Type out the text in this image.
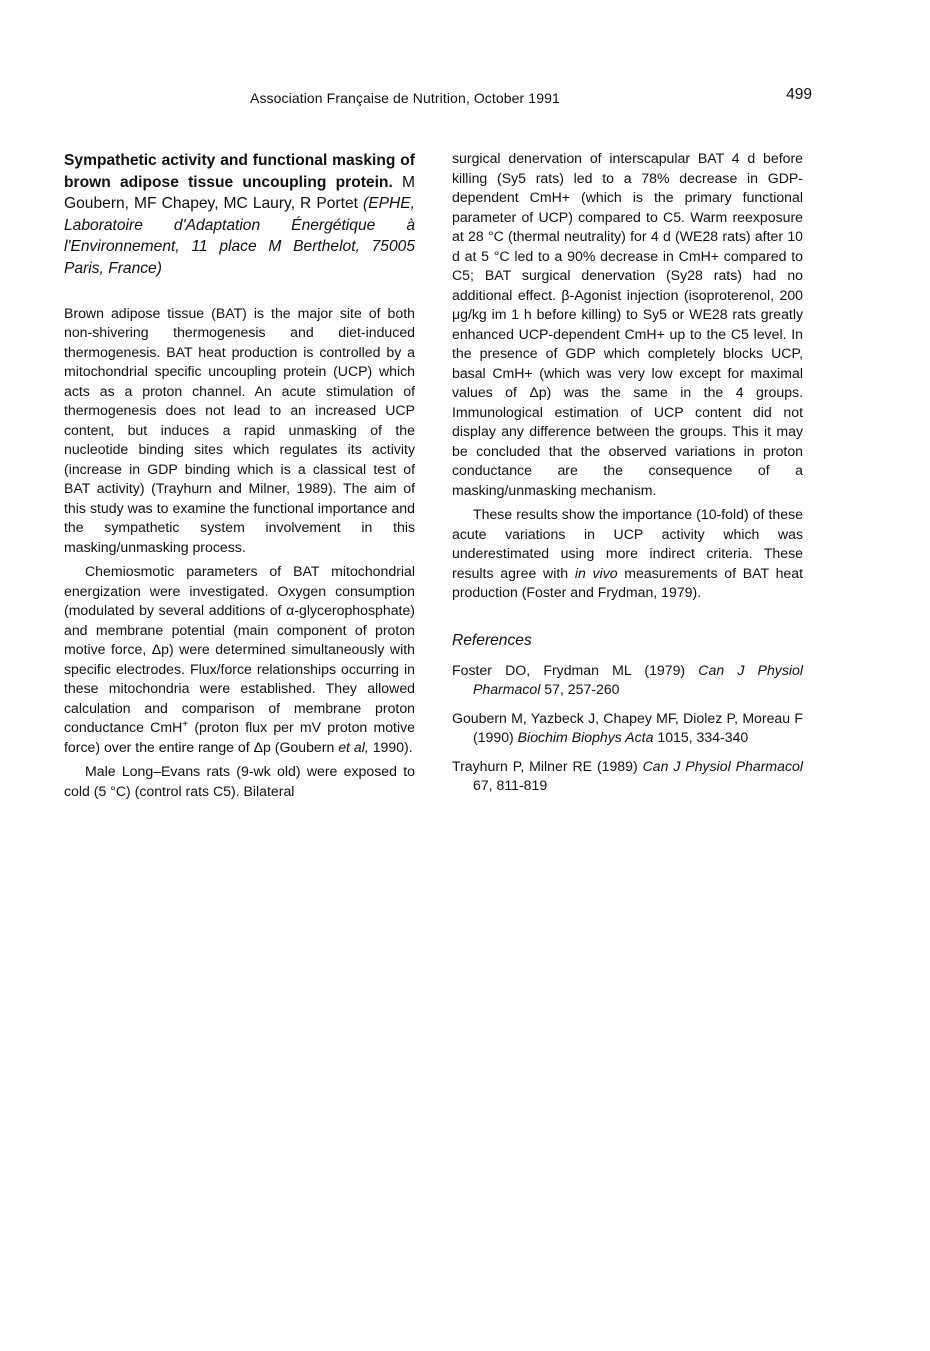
Association Française de Nutrition, October 1991	499
Sympathetic activity and functional masking of brown adipose tissue uncoupling protein. M Goubern, MF Chapey, MC Laury, R Portet (EPHE, Laboratoire d'Adaptation Énergétique à l'Environnement, 11 place M Berthelot, 75005 Paris, France)

Brown adipose tissue (BAT) is the major site of both non-shivering thermogenesis and diet-induced thermogenesis. BAT heat production is controlled by a mitochondrial specific uncoupling protein (UCP) which acts as a proton channel. An acute stimulation of thermogenesis does not lead to an increased UCP content, but induces a rapid unmasking of the nucleotide binding sites which regulates its activity (increase in GDP binding which is a classical test of BAT activity) (Trayhurn and Milner, 1989). The aim of this study was to examine the functional importance and the sympathetic system involvement in this masking/unmasking process.

Chemiosmotic parameters of BAT mitochondrial energization were investigated. Oxygen consumption (modulated by several additions of α-glycerophosphate) and membrane potential (main component of proton motive force, Δp) were determined simultaneously with specific electrodes. Flux/force relationships occurring in these mitochondria were established. They allowed calculation and comparison of membrane proton conductance CmH+ (proton flux per mV proton motive force) over the entire range of Δp (Goubern et al, 1990).

Male Long–Evans rats (9-wk old) were exposed to cold (5 °C) (control rats C5). Bilateral

surgical denervation of interscapular BAT 4 d before killing (Sy5 rats) led to a 78% decrease in GDP-dependent CmH+ (which is the primary functional parameter of UCP) compared to C5. Warm reexposure at 28 °C (thermal neutrality) for 4 d (WE28 rats) after 10 d at 5 °C led to a 90% decrease in CmH+ compared to C5; BAT surgical denervation (Sy28 rats) had no additional effect. β-Agonist injection (isoproterenol, 200 μg/kg im 1 h before killing) to Sy5 or WE28 rats greatly enhanced UCP-dependent CmH+ up to the C5 level. In the presence of GDP which completely blocks UCP, basal CmH+ (which was very low except for maximal values of Δp) was the same in the 4 groups. Immunological estimation of UCP content did not display any difference between the groups. This it may be concluded that the observed variations in proton conductance are the consequence of a masking/unmasking mechanism.

These results show the importance (10-fold) of these acute variations in UCP activity which was underestimated using more indirect criteria. These results agree with in vivo measurements of BAT heat production (Foster and Frydman, 1979).

References
Foster DO, Frydman ML (1979) Can J Physiol Pharmacol 57, 257-260
Goubern M, Yazbeck J, Chapey MF, Diolez P, Moreau F (1990) Biochim Biophys Acta 1015, 334-340
Trayhurn P, Milner RE (1989) Can J Physiol Pharmacol 67, 811-819
